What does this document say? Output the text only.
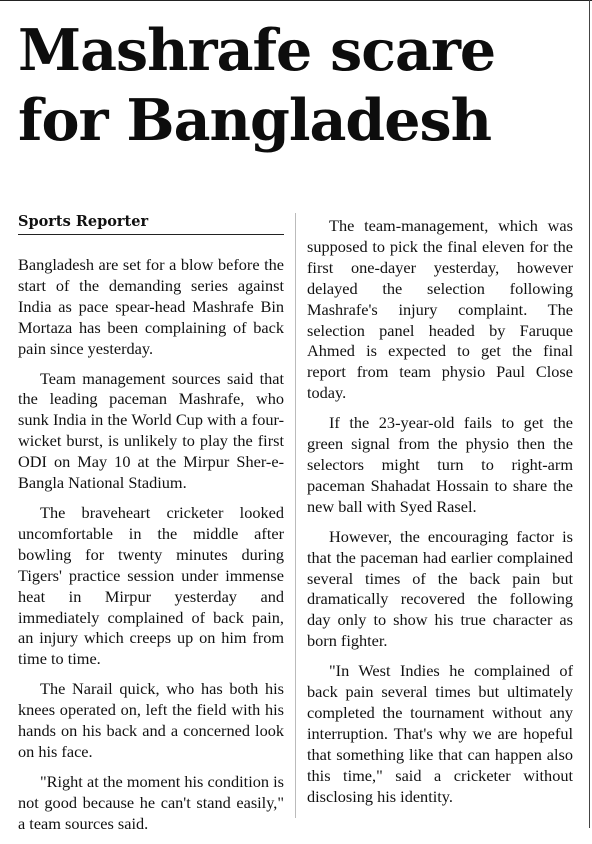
Mashrafe scare
for Bangladesh
Sports Reporter

Bangladesh are set for a blow before the start of the demanding series against India as pace spear-head Mashrafe Bin Mortaza has been complaining of back pain since yesterday.

Team management sources said that the leading paceman Mashrafe, who sunk India in the World Cup with a four-wicket burst, is unlikely to play the first ODI on May 10 at the Mirpur Sher-e-Bangla National Stadium.

The braveheart cricketer looked uncomfortable in the middle after bowling for twenty minutes during Tigers' practice session under immense heat in Mirpur yesterday and immediately complained of back pain, an injury which creeps up on him from time to time.

The Narail quick, who has both his knees operated on, left the field with his hands on his back and a concerned look on his face.

"Right at the moment his condition is not good because he can't stand easily," a team sources said.

The team-management, which was supposed to pick the final eleven for the first one-dayer yesterday, however delayed the selection following Mashrafe's injury complaint. The selection panel headed by Faruque Ahmed is expected to get the final report from team physio Paul Close today.

If the 23-year-old fails to get the green signal from the physio then the selectors might turn to right-arm paceman Shahadat Hossain to share the new ball with Syed Rasel.

However, the encouraging factor is that the paceman had earlier complained several times of the back pain but dramatically recovered the following day only to show his true character as born fighter.

"In West Indies he complained of back pain several times but ultimately completed the tournament without any interruption. That's why we are hopeful that something like that can happen also this time," said a cricketer without disclosing his identity.
